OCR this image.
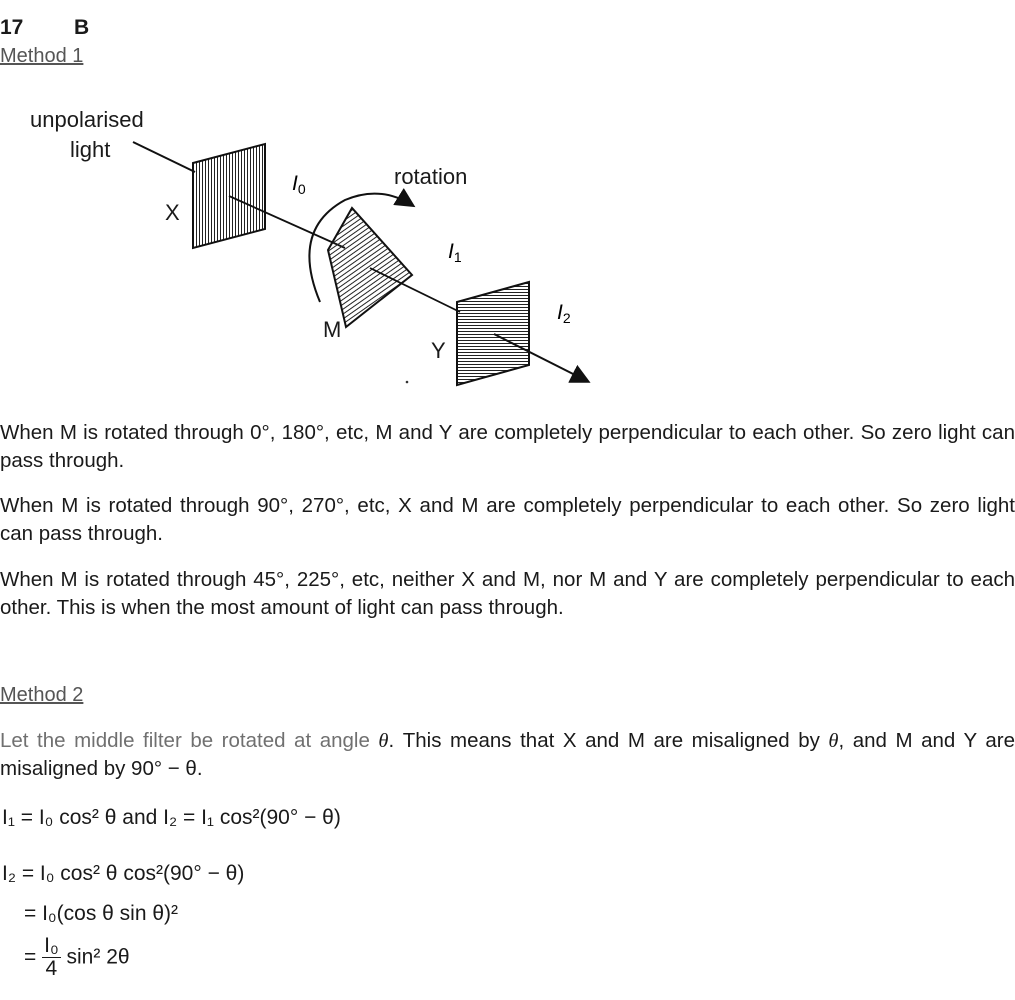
17 B
Method 1
unpolarised
light
X
I0	rotation
I1
M
I2
Y
When M is rotated through 0°, 180°, etc, M and Y are completely perpendicular to each other. So zero light can pass through.
When M is rotated through 90°, 270°, etc, X and M are completely perpendicular to each other. So zero light can pass through.
When M is rotated through 45°, 225°, etc, neither X and M, nor M and Y are completely perpendicular to each other. This is when the most amount of light can pass through.
Method 2
Let the middle filter be rotated at angle θ. This means that X and M are misaligned by θ, and M and Y are misaligned by 90° − θ.
I₁ = I₀ cos² θ and I₂ = I₁ cos²(90° − θ)
I₂ = I₀ cos² θ cos²(90° − θ)
= I₀(cos θ sin θ)²
= $\frac{\text{I₀}}{4} \sin^2$ 2θ
